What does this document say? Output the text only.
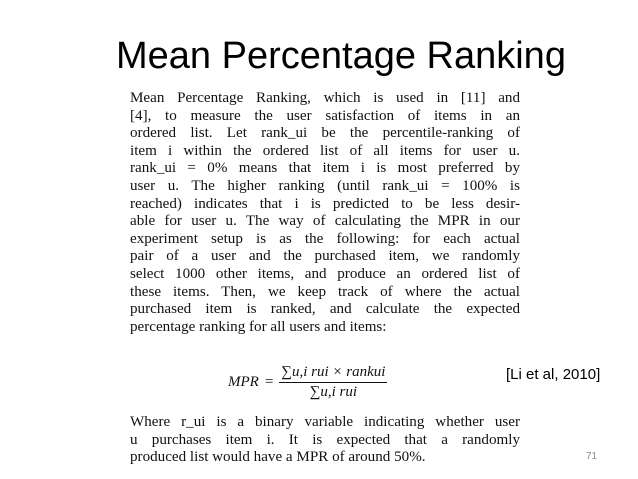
Mean Percentage Ranking
Mean Percentage Ranking, which is used in [11] and
[4], to measure the user satisfaction of items in an
ordered list. Let rank_ui be the percentile-ranking of
item i within the ordered list of all items for user u.
rank_ui = 0% means that item i is most preferred by
user u. The higher ranking (until rank_ui = 100% is
reached) indicates that i is predicted to be less desir-
able for user u. The way of calculating the MPR in our
experiment setup is as the following: for each actual
pair of a user and the purchased item, we randomly
select 1000 other items, and produce an ordered list of
these items. Then, we keep track of where the actual
purchased item is ranked, and calculate the expected
percentage ranking for all users and items:
MPR = $\frac{\text{∑u,i rui × rankui}}{\text{∑u,i rui}}$	[Li et al, 2010]
Where r_ui is a binary variable indicating whether user
u purchases item i. It is expected that a randomly
produced list would have a MPR of around 50%.	71
